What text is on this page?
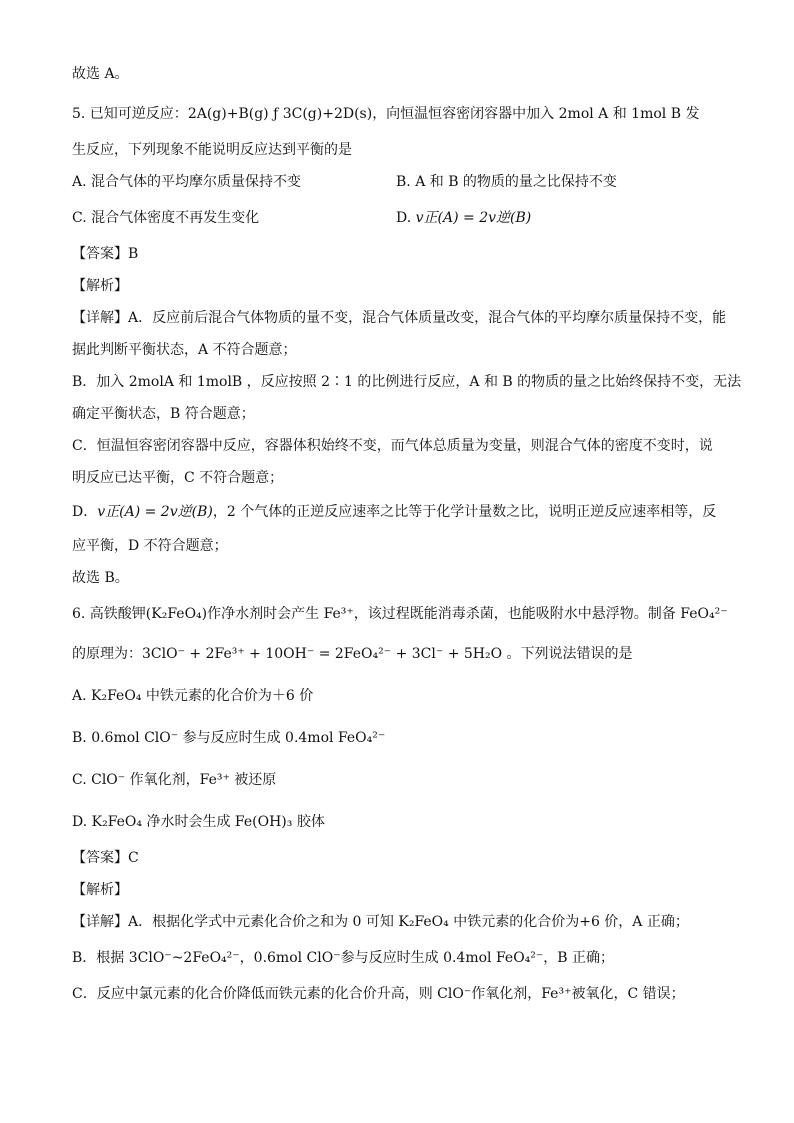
故选 A。
5. 已知可逆反应：2A(g)+B(g) ƒ 3C(g)+2D(s)，向恒温恒容密闭容器中加入 2mol A 和 1mol B 发
生反应，下列现象不能说明反应达到平衡的是
A. 混合气体的平均摩尔质量保持不变	B. A 和 B 的物质的量之比保持不变
C. 混合气体密度不再发生变化	D. v正(A) = 2v逆(B)
【答案】B
【解析】
【详解】A．反应前后混合气体物质的量不变，混合气体质量改变，混合气体的平均摩尔质量保持不变，能
据此判断平衡状态，A 不符合题意；
B．加入 2molA 和 1molB ，反应按照 2∶1 的比例进行反应，A 和 B 的物质的量之比始终保持不变，无法
确定平衡状态，B 符合题意；
C．恒温恒容密闭容器中反应，容器体积始终不变，而气体总质量为变量，则混合气体的密度不变时，说
明反应已达平衡，C 不符合题意；
D．v正(A) = 2v逆(B)，2 个气体的正逆反应速率之比等于化学计量数之比，说明正逆反应速率相等，反
应平衡，D 不符合题意；
故选 B。
6. 高铁酸钾(K₂FeO₄)作净水剂时会产生 Fe³⁺，该过程既能消毒杀菌，也能吸附水中悬浮物。制备 FeO₄²⁻
的原理为：3ClO⁻ + 2Fe³⁺ + 10OH⁻ = 2FeO₄²⁻ + 3Cl⁻ + 5H₂O 。下列说法错误的是
A. K₂FeO₄ 中铁元素的化合价为＋6 价
B. 0.6mol ClO⁻ 参与反应时生成 0.4mol FeO₄²⁻
C. ClO⁻ 作氧化剂，Fe³⁺ 被还原
D. K₂FeO₄ 净水时会生成 Fe(OH)₃ 胶体
【答案】C
【解析】
【详解】A．根据化学式中元素化合价之和为 0 可知 K₂FeO₄ 中铁元素的化合价为+6 价，A 正确；
B．根据 3ClO⁻~2FeO₄²⁻，0.6mol ClO⁻参与反应时生成 0.4mol FeO₄²⁻，B 正确；
C．反应中氯元素的化合价降低而铁元素的化合价升高，则 ClO⁻作氧化剂，Fe³⁺被氧化，C 错误；
